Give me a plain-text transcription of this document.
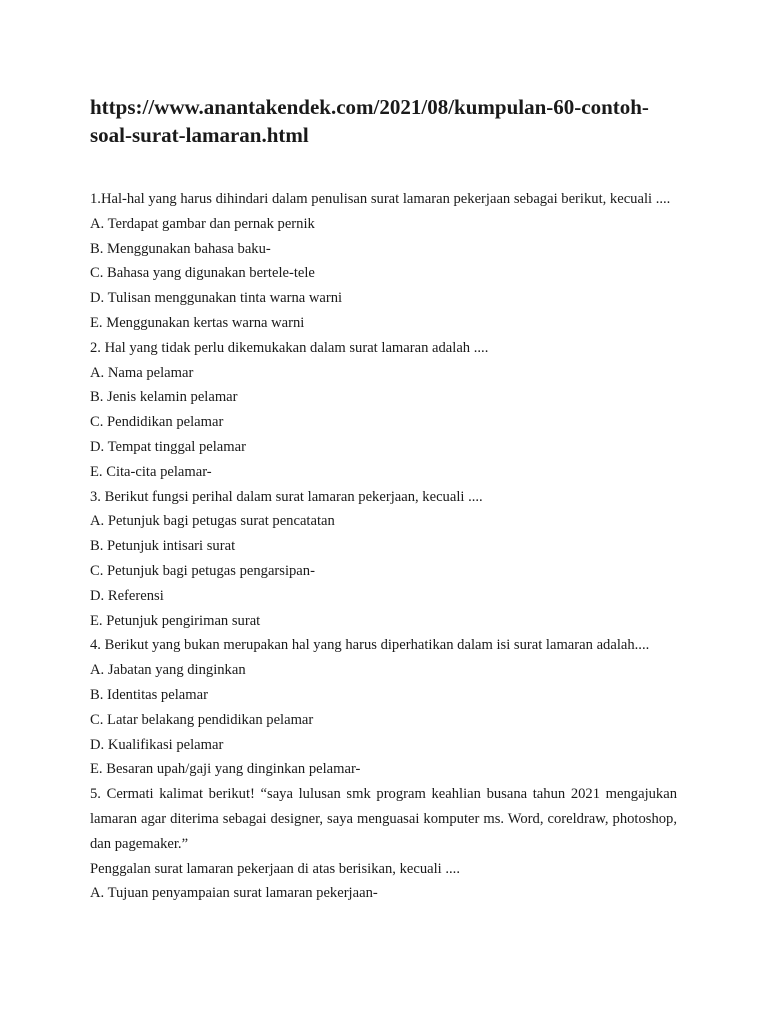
https://www.anantakendek.com/2021/08/kumpulan-60-contoh-soal-surat-lamaran.html

1.Hal-hal yang harus dihindari dalam penulisan surat lamaran pekerjaan sebagai berikut, kecuali ....

A. Terdapat gambar dan pernak pernik

B. Menggunakan bahasa baku-

C. Bahasa yang digunakan bertele-tele

D. Tulisan menggunakan tinta warna warni

E. Menggunakan kertas warna warni

2. Hal yang tidak perlu dikemukakan dalam surat lamaran adalah ....

A. Nama pelamar

B. Jenis kelamin pelamar

C. Pendidikan pelamar

D. Tempat tinggal pelamar

E. Cita-cita pelamar-

3. Berikut fungsi perihal dalam surat lamaran pekerjaan, kecuali ....

A. Petunjuk bagi petugas surat pencatatan

B. Petunjuk intisari surat

C. Petunjuk bagi petugas pengarsipan-

D. Referensi

E. Petunjuk pengiriman surat

4. Berikut yang bukan merupakan hal yang harus diperhatikan dalam isi surat lamaran adalah....

A. Jabatan yang dinginkan

B. Identitas pelamar

C. Latar belakang pendidikan pelamar

D. Kualifikasi pelamar

E. Besaran upah/gaji yang dinginkan pelamar-

5. Cermati kalimat berikut! “saya lulusan smk program keahlian busana tahun 2021 mengajukan lamaran agar diterima sebagai designer, saya menguasai komputer ms. Word, coreldraw, photoshop, dan pagemaker.”

Penggalan surat lamaran pekerjaan di atas berisikan, kecuali ....

A. Tujuan penyampaian surat lamaran pekerjaan-
